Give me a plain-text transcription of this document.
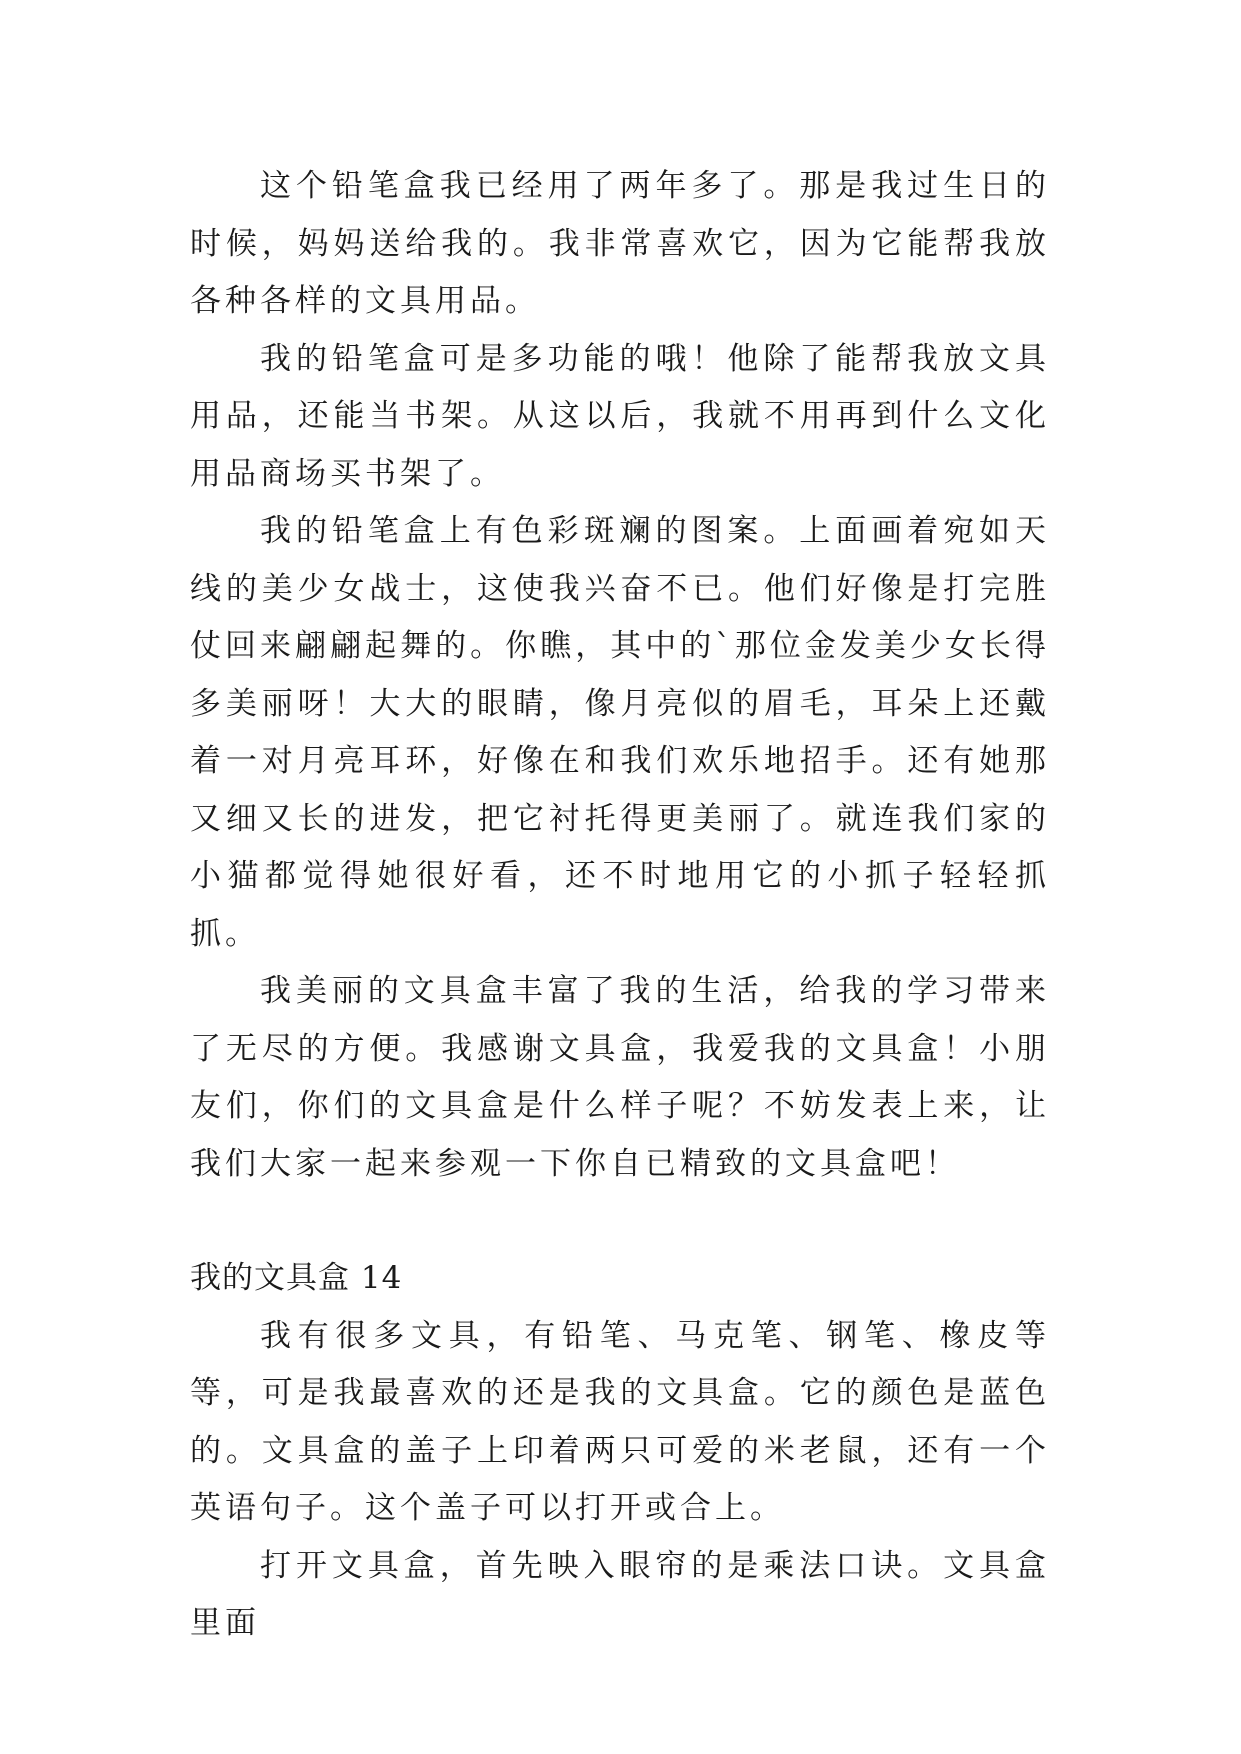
这个铅笔盒我已经用了两年多了。那是我过生日的时候，妈妈送给我的。我非常喜欢它，因为它能帮我放各种各样的文具用品。

我的铅笔盒可是多功能的哦！他除了能帮我放文具用品，还能当书架。从这以后，我就不用再到什么文化用品商场买书架了。

我的铅笔盒上有色彩斑斓的图案。上面画着宛如天线的美少女战士，这使我兴奋不已。他们好像是打完胜仗回来翩翩起舞的。你瞧，其中的`那位金发美少女长得多美丽呀！大大的眼睛，像月亮似的眉毛，耳朵上还戴着一对月亮耳环，好像在和我们欢乐地招手。还有她那又细又长的进发，把它衬托得更美丽了。就连我们家的小猫都觉得她很好看，还不时地用它的小抓子轻轻抓抓。

我美丽的文具盒丰富了我的生活，给我的学习带来了无尽的方便。我感谢文具盒，我爱我的文具盒！小朋友们，你们的文具盒是什么样子呢？不妨发表上来，让我们大家一起来参观一下你自已精致的文具盒吧！

我的文具盒 14

我有很多文具，有铅笔、马克笔、钢笔、橡皮等等，可是我最喜欢的还是我的文具盒。它的颜色是蓝色的。文具盒的盖子上印着两只可爱的米老鼠，还有一个英语句子。这个盖子可以打开或合上。

打开文具盒，首先映入眼帘的是乘法口诀。文具盒里面
